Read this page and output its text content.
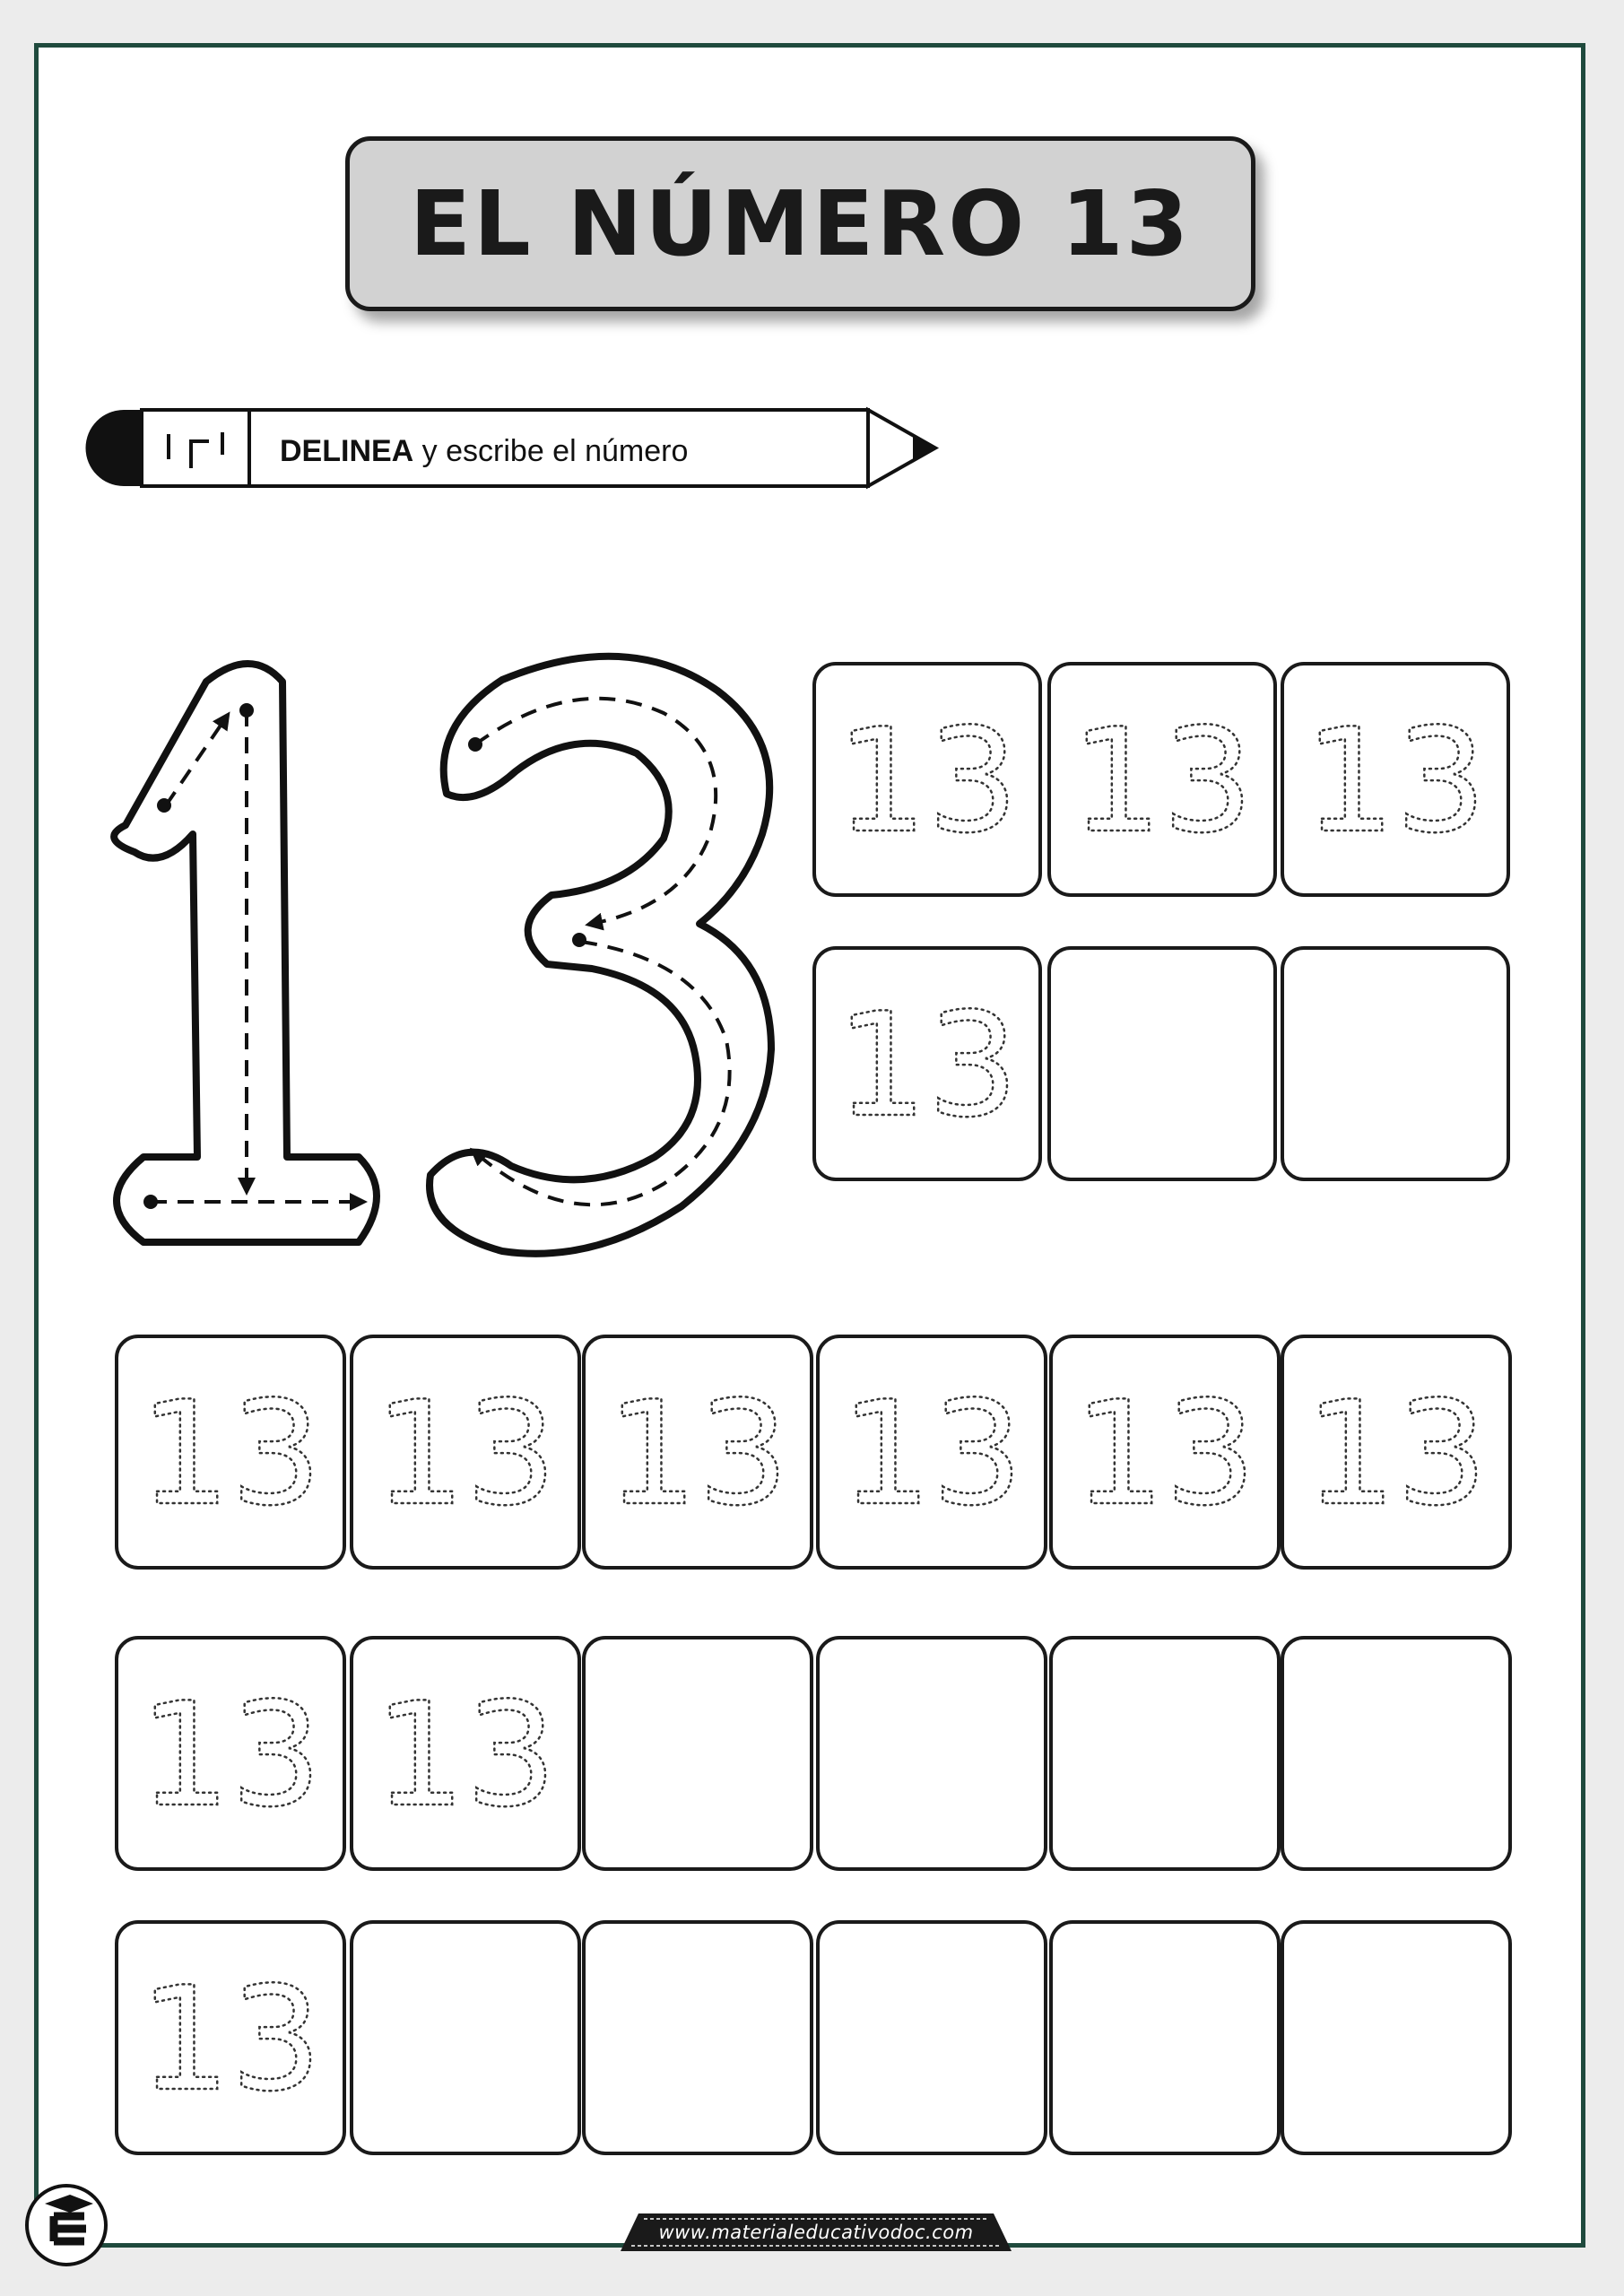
EL NÚMERO 13
DELINEA y escribe el número
13 13 13
13
13 13 13 13 13 13
13 13
13
www.materialeducativodoc.com
